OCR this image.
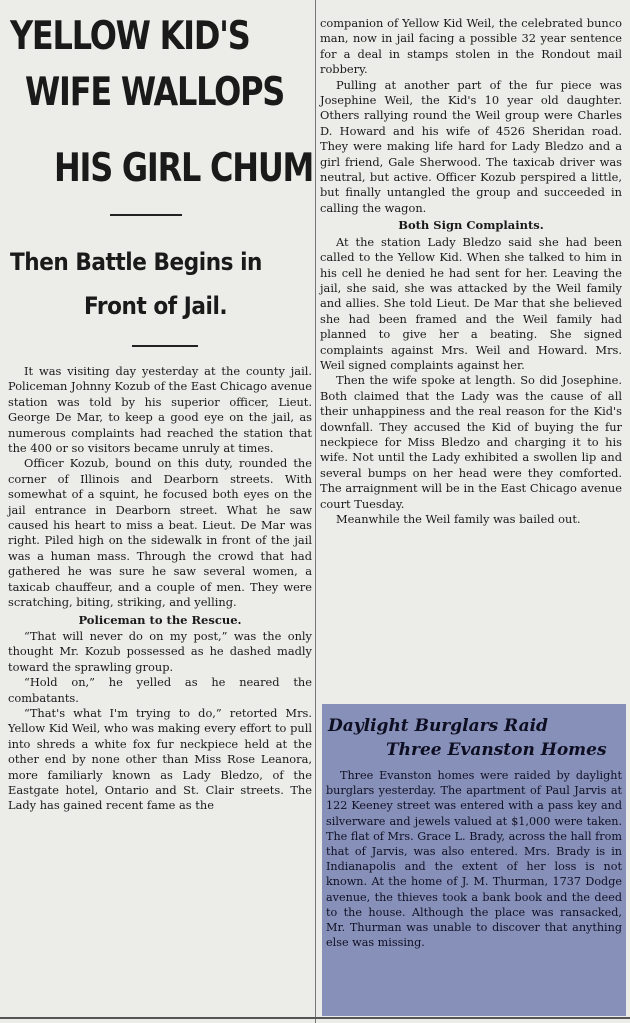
YELLOW KID'S
WIFE WALLOPS
HIS GIRL CHUM
Then Battle Begins in
Front of Jail.

It was visiting day yesterday at the county jail. Policeman Johnny Kozub of the East Chicago avenue station was told by his superior officer, Lieut. George De Mar, to keep a good eye on the jail, as numerous complaints had reached the station that the 400 or so visitors became unruly at times.

Officer Kozub, bound on this duty, rounded the corner of Illinois and Dearborn streets. With somewhat of a squint, he focused both eyes on the jail entrance in Dearborn street. What he saw caused his heart to miss a beat. Lieut. De Mar was right. Piled high on the sidewalk in front of the jail was a human mass. Through the crowd that had gathered he was sure he saw several women, a taxicab chauffeur, and a couple of men. They were scratching, biting, striking, and yelling.

Policeman to the Rescue.

“That will never do on my post,” was the only thought Mr. Kozub possessed as he dashed madly toward the sprawling group.

“Hold on,” he yelled as he neared the combatants.

“That's what I'm trying to do,” retorted Mrs. Yellow Kid Weil, who was making every effort to pull into shreds a white fox fur neckpiece held at the other end by none other than Miss Rose Leanora, more familiarly known as Lady Bledzo, of the Eastgate hotel, Ontario and St. Clair streets. The Lady has gained recent fame as the

companion of Yellow Kid Weil, the celebrated bunco man, now in jail facing a possible 32 year sentence for a deal in stamps stolen in the Rondout mail robbery.

Pulling at another part of the fur piece was Josephine Weil, the Kid's 10 year old daughter. Others rallying round the Weil group were Charles D. Howard and his wife of 4526 Sheridan road. They were making life hard for Lady Bledzo and a girl friend, Gale Sherwood. The taxicab driver was neutral, but active. Officer Kozub perspired a little, but finally untangled the group and succeeded in calling the wagon.

Both Sign Complaints.

At the station Lady Bledzo said she had been called to the Yellow Kid. When she talked to him in his cell he denied he had sent for her. Leaving the jail, she said, she was attacked by the Weil family and allies. She told Lieut. De Mar that she believed she had been framed and the Weil family had planned to give her a beating. She signed complaints against Mrs. Weil and Howard. Mrs. Weil signed complaints against her.

Then the wife spoke at length. So did Josephine. Both claimed that the Lady was the cause of all their unhappiness and the real reason for the Kid's downfall. They accused the Kid of buying the fur neckpiece for Miss Bledzo and charging it to his wife. Not until the Lady exhibited a swollen lip and several bumps on her head were they comforted. The arraignment will be in the East Chicago avenue court Tuesday.

Meanwhile the Weil family was bailed out.

Daylight Burglars Raid
Three Evanston Homes

Three Evanston homes were raided by daylight burglars yesterday. The apartment of Paul Jarvis at 122 Keeney street was entered with a pass key and silverware and jewels valued at $1,000 were taken. The flat of Mrs. Grace L. Brady, across the hall from that of Jarvis, was also entered. Mrs. Brady is in Indianapolis and the extent of her loss is not known. At the home of J. M. Thurman, 1737 Dodge avenue, the thieves took a bank book and the deed to the house. Although the place was ransacked, Mr. Thurman was unable to discover that anything else was missing.
